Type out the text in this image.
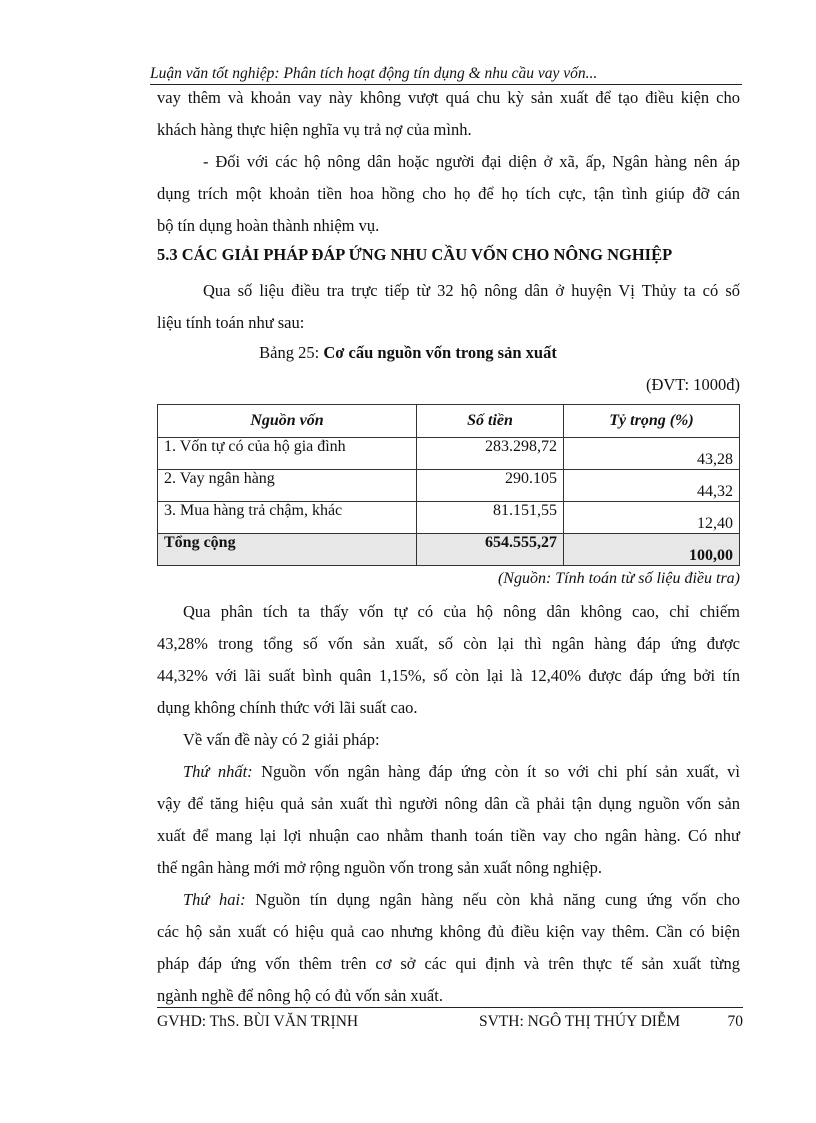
Luận văn tốt nghiệp: Phân tích hoạt động tín dụng & nhu cầu vay vốn...

vay thêm và khoản vay này không vượt quá chu kỳ sản xuất để tạo điều kiện cho

khách hàng thực hiện nghĩa vụ trả nợ của mình.

- Đối với các hộ nông dân hoặc người đại diện ở xã, ấp, Ngân hàng nên áp

dụng trích một khoản tiền hoa hồng cho họ để họ tích cực, tận tình giúp đỡ cán

bộ tín dụng hoàn thành nhiệm vụ.

5.3 CÁC GIẢI PHÁP ĐÁP ỨNG NHU CẦU VỐN CHO NÔNG NGHIỆP

Qua số liệu điều tra trực tiếp từ 32 hộ nông dân ở huyện Vị Thủy ta có số

liệu tính toán như sau:

Bảng 25: Cơ cấu nguồn vốn trong sản xuất
(ĐVT: 1000đ)
Nguồn vốn	Số tiền	Tỷ trọng (%)
1. Vốn tự có của hộ gia đình	283.298,72	43,28
2. Vay ngân hàng	290.105	44,32
3. Mua hàng trả chậm, khác	81.151,55	12,40
Tổng cộng	654.555,27	100,00
(Nguồn: Tính toán từ số liệu điều tra)

Qua phân tích ta thấy vốn tự có của hộ nông dân không cao, chỉ chiếm

43,28% trong tổng số vốn sản xuất, số còn lại thì ngân hàng đáp ứng được

44,32% với lãi suất bình quân 1,15%, số còn lại là 12,40% được đáp ứng bởi tín

dụng không chính thức với lãi suất cao.

Về vấn đề này có 2 giải pháp:

Thứ nhất: Nguồn vốn ngân hàng đáp ứng còn ít so với chi phí sản xuất, vì

vậy để tăng hiệu quả sản xuất thì người nông dân cầ phải tận dụng nguồn vốn sản

xuất để mang lại lợi nhuận cao nhằm thanh toán tiền vay cho ngân hàng. Có như

thế ngân hàng mới mở rộng nguồn vốn trong sản xuất nông nghiệp.

Thứ hai: Nguồn tín dụng ngân hàng nếu còn khả năng cung ứng vốn cho

các hộ sản xuất có hiệu quả cao nhưng không đủ điều kiện vay thêm. Cần có biện

pháp đáp ứng vốn thêm trên cơ sở các qui định và trên thực tế sản xuất từng

ngành nghề để nông hộ có đủ vốn sản xuất.

GVHD: ThS. BÙI VĂN TRỊNH	SVTH: NGÔ THỊ THÚY DIỄM	70
